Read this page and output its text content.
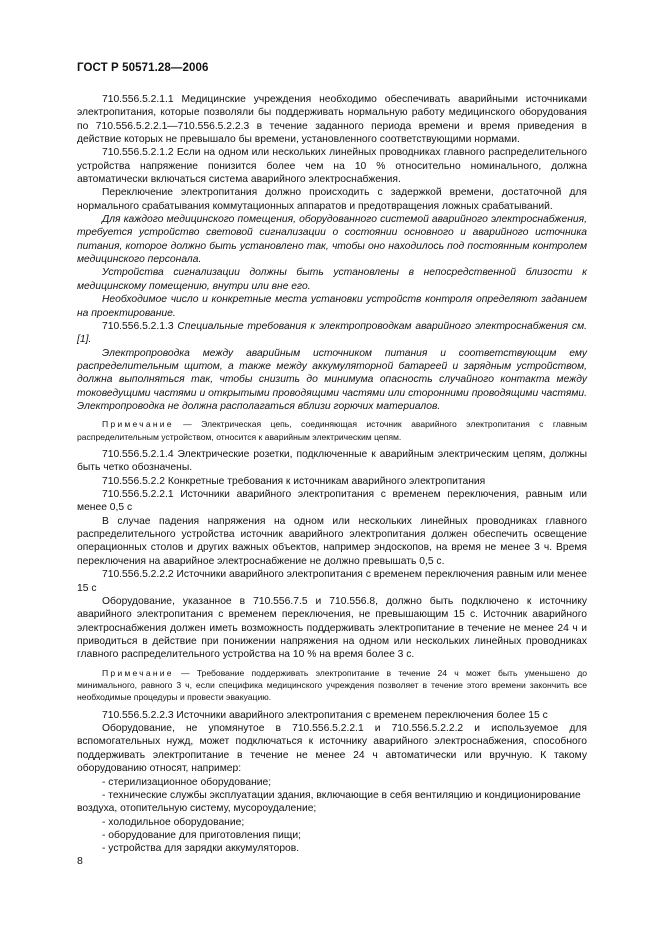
ГОСТ Р 50571.28—2006

710.556.5.2.1.1 Медицинские учреждения необходимо обеспечивать аварийными источниками электропитания, которые позволяли бы поддерживать нормальную работу медицинского оборудования по 710.556.5.2.2.1—710.556.5.2.2.3 в течение заданного периода времени и время приведения в действие которых не превышало бы времени, установленного соответствующими нормами.

710.556.5.2.1.2 Если на одном или нескольких линейных проводниках главного распределительного устройства напряжение понизится более чем на 10 % относительно номинального, должна автоматически включаться система аварийного электроснабжения.

Переключение электропитания должно происходить с задержкой времени, достаточной для нормального срабатывания коммутационных аппаратов и предотвращения ложных срабатываний.

Для каждого медицинского помещения, оборудованного системой аварийного электроснабжения, требуется устройство световой сигнализации о состоянии основного и аварийного источника питания, которое должно быть установлено так, чтобы оно находилось под постоянным контролем медицинского персонала.

Устройства сигнализации должны быть установлены в непосредственной близости к медицинскому помещению, внутри или вне его.

Необходимое число и конкретные места установки устройств контроля определяют заданием на проектирование.

710.556.5.2.1.3 Специальные требования к электропроводкам аварийного электроснабжения см. [1].

Электропроводка между аварийным источником питания и соответствующим ему распределительным щитом, а также между аккумуляторной батареей и зарядным устройством, должна выполняться так, чтобы снизить до минимума опасность случайного контакта между токоведущими частями и открытыми проводящими частями или сторонними проводящими частями. Электропроводка не должна располагаться вблизи горючих материалов.

Примечание — Электрическая цепь, соединяющая источник аварийного электропитания с главным распределительным устройством, относится к аварийным электрическим цепям.

710.556.5.2.1.4 Электрические розетки, подключенные к аварийным электрическим цепям, должны быть четко обозначены.

710.556.5.2.2 Конкретные требования к источникам аварийного электропитания

710.556.5.2.2.1 Источники аварийного электропитания с временем переключения, равным или менее 0,5 с

В случае падения напряжения на одном или нескольких линейных проводниках главного распределительного устройства источник аварийного электропитания должен обеспечить освещение операционных столов и других важных объектов, например эндоскопов, на время не менее 3 ч. Время переключения на аварийное электроснабжение не должно превышать 0,5 с.

710.556.5.2.2.2 Источники аварийного электропитания с временем переключения равным или менее 15 с

Оборудование, указанное в 710.556.7.5 и 710.556.8, должно быть подключено к источнику аварийного электропитания с временем переключения, не превышающим 15 с. Источник аварийного электроснабжения должен иметь возможность поддерживать электропитание в течение не менее 24 ч и приводиться в действие при понижении напряжения на одном или нескольких линейных проводниках главного распределительного устройства на 10 % на время более 3 с.

Примечание — Требование поддерживать электропитание в течение 24 ч может быть уменьшено до минимального, равного 3 ч, если специфика медицинского учреждения позволяет в течение этого времени закончить все необходимые процедуры и провести эвакуацию.

710.556.5.2.2.3 Источники аварийного электропитания с временем переключения более 15 с

Оборудование, не упомянутое в 710.556.5.2.2.1 и 710.556.5.2.2.2 и используемое для вспомогательных нужд, может подключаться к источнику аварийного электроснабжения, способного поддерживать электропитание в течение не менее 24 ч автоматически или вручную. К такому оборудованию относят, например:

- стерилизационное оборудование;

- технические службы эксплуатации здания, включающие в себя вентиляцию и кондиционирование воздуха, отопительную систему, мусороудаление;

- холодильное оборудование;

- оборудование для приготовления пищи;

- устройства для зарядки аккумуляторов.

8
